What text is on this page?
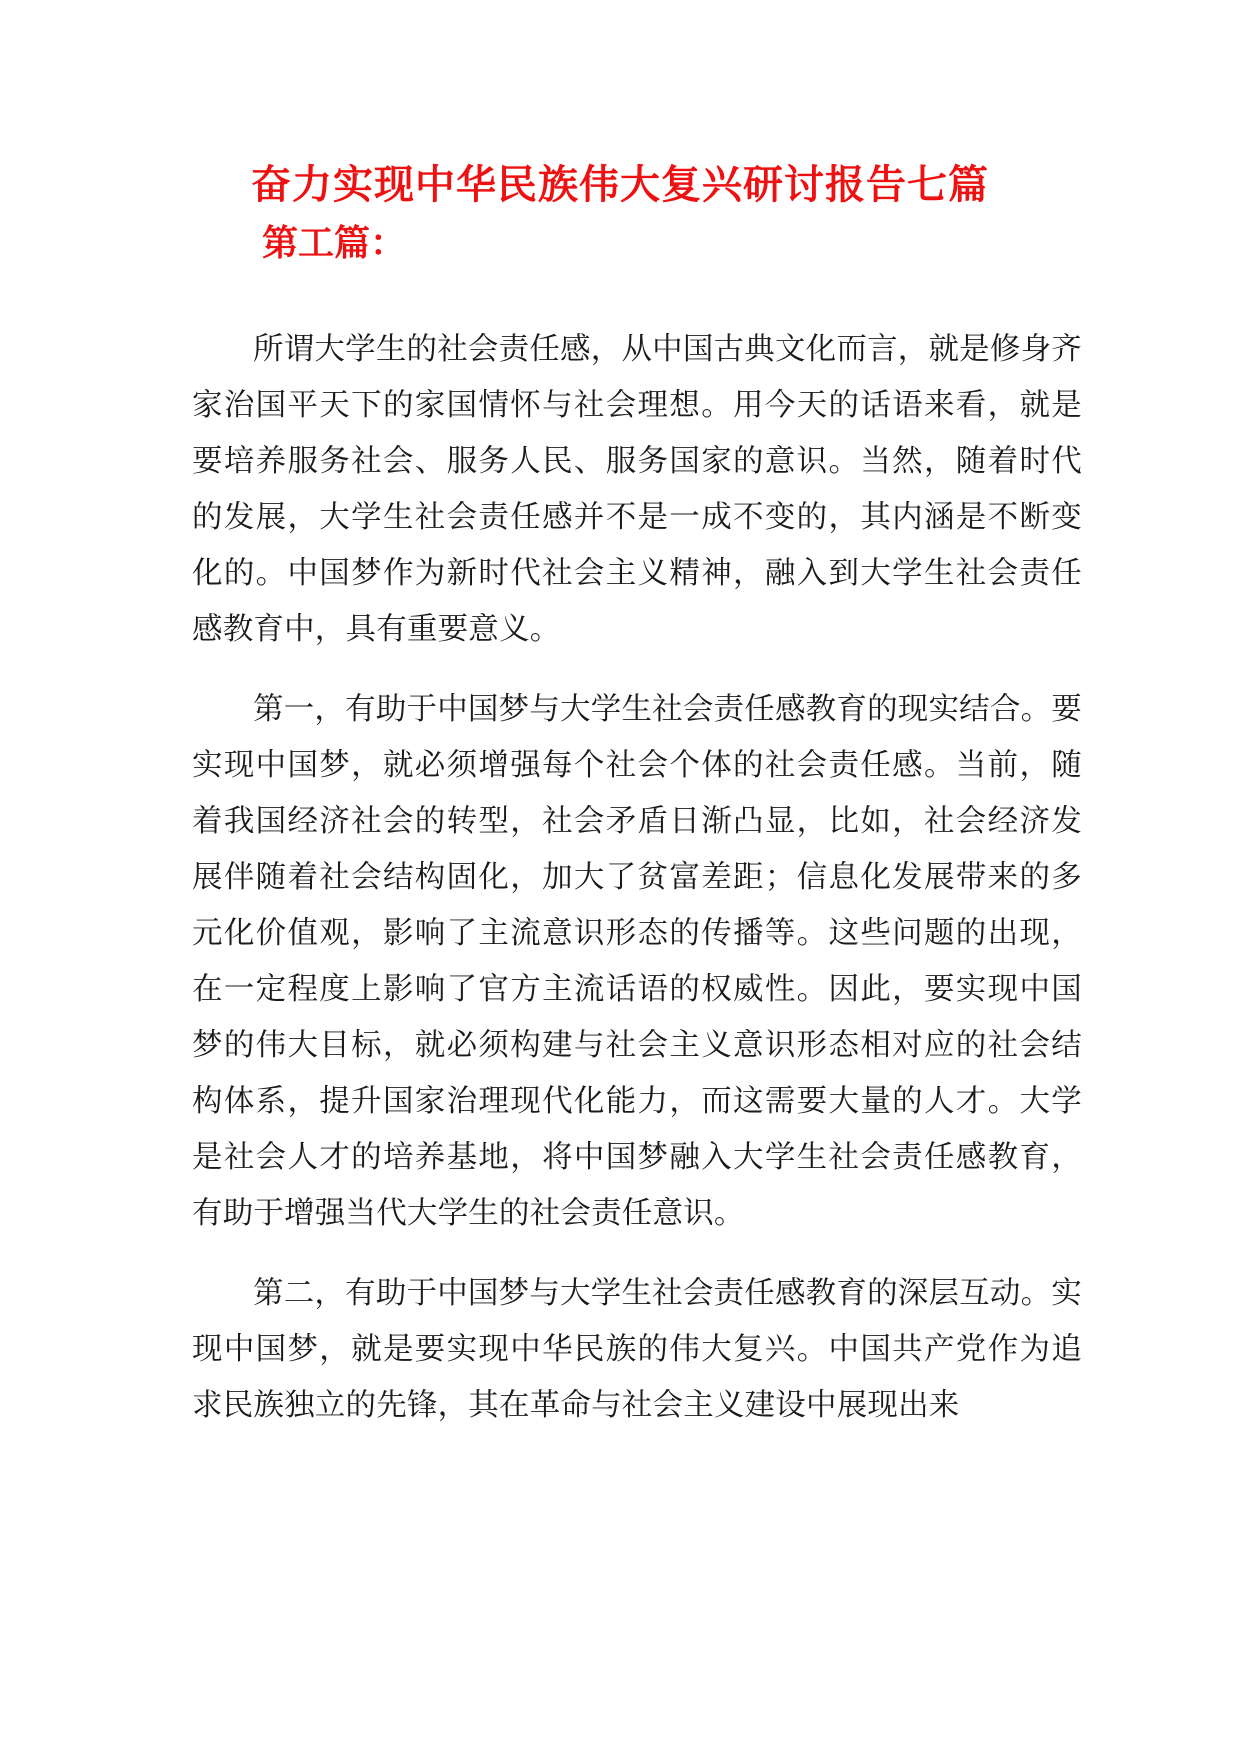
奋力实现中华民族伟大复兴研讨报告七篇
第工篇：

所谓大学生的社会责任感，从中国古典文化而言，就是修身齐家治国平天下的家国情怀与社会理想。用今天的话语来看，就是要培养服务社会、服务人民、服务国家的意识。当然，随着时代的发展，大学生社会责任感并不是一成不变的，其内涵是不断变化的。中国梦作为新时代社会主义精神，融入到大学生社会责任感教育中，具有重要意义。

第一，有助于中国梦与大学生社会责任感教育的现实结合。要实现中国梦，就必须增强每个社会个体的社会责任感。当前，随着我国经济社会的转型，社会矛盾日渐凸显，比如，社会经济发展伴随着社会结构固化，加大了贫富差距；信息化发展带来的多元化价值观，影响了主流意识形态的传播等。这些问题的出现，在一定程度上影响了官方主流话语的权威性。因此，要实现中国梦的伟大目标，就必须构建与社会主义意识形态相对应的社会结构体系，提升国家治理现代化能力，而这需要大量的人才。大学是社会人才的培养基地，将中国梦融入大学生社会责任感教育，有助于增强当代大学生的社会责任意识。

第二，有助于中国梦与大学生社会责任感教育的深层互动。实现中国梦，就是要实现中华民族的伟大复兴。中国共产党作为追求民族独立的先锋，其在革命与社会主义建设中展现出来
